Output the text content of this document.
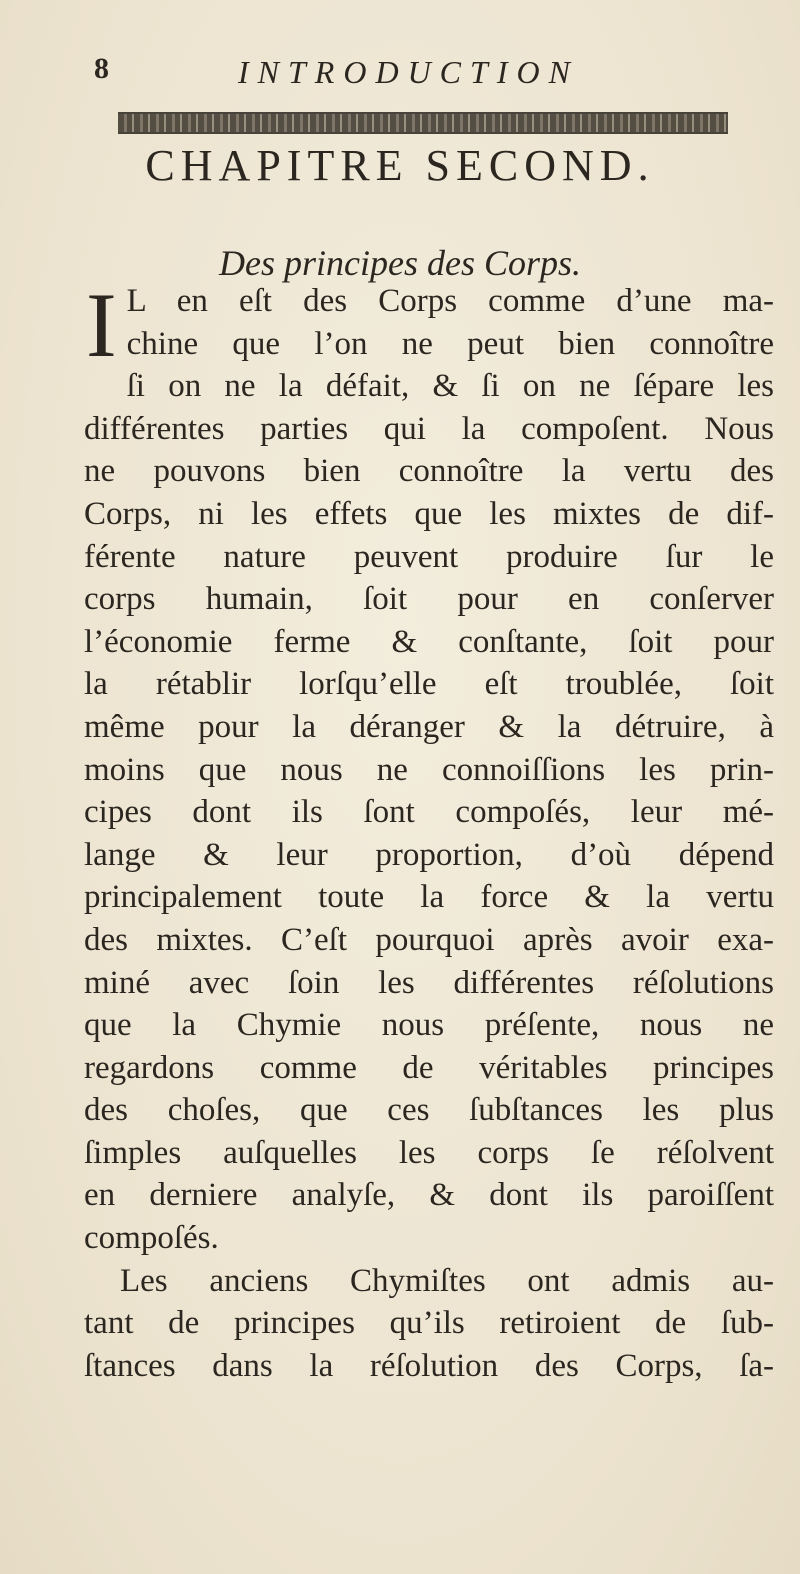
8	INTRODUCTION
CHAPITRE SECOND.
Des principes des Corps.
I L en eſt des Corps comme d’une ma-
chine que l’on ne peut bien connoître
ſi on ne la défait, & ſi on ne ſépare les
différentes parties qui la compoſent. Nous
ne pouvons bien connoître la vertu des
Corps, ni les effets que les mixtes de dif-
férente nature peuvent produire ſur le
corps humain, ſoit pour en conſerver
l’économie ferme & conſtante, ſoit pour
la rétablir lorſqu’elle eſt troublée, ſoit
même pour la déranger & la détruire, à
moins que nous ne connoiſſions les prin-
cipes dont ils ſont compoſés, leur mé-
lange & leur proportion, d’où dépend
principalement toute la force & la vertu
des mixtes. C’eſt pourquoi après avoir exa-
miné avec ſoin les différentes réſolutions
que la Chymie nous préſente, nous ne
regardons comme de véritables principes
des choſes, que ces ſubſtances les plus
ſimples auſquelles les corps ſe réſolvent
en derniere analyſe, & dont ils paroiſſent
compoſés.
Les anciens Chymiſtes ont admis au-
tant de principes qu’ils retiroient de ſub-
ſtances dans la réſolution des Corps, ſa-
